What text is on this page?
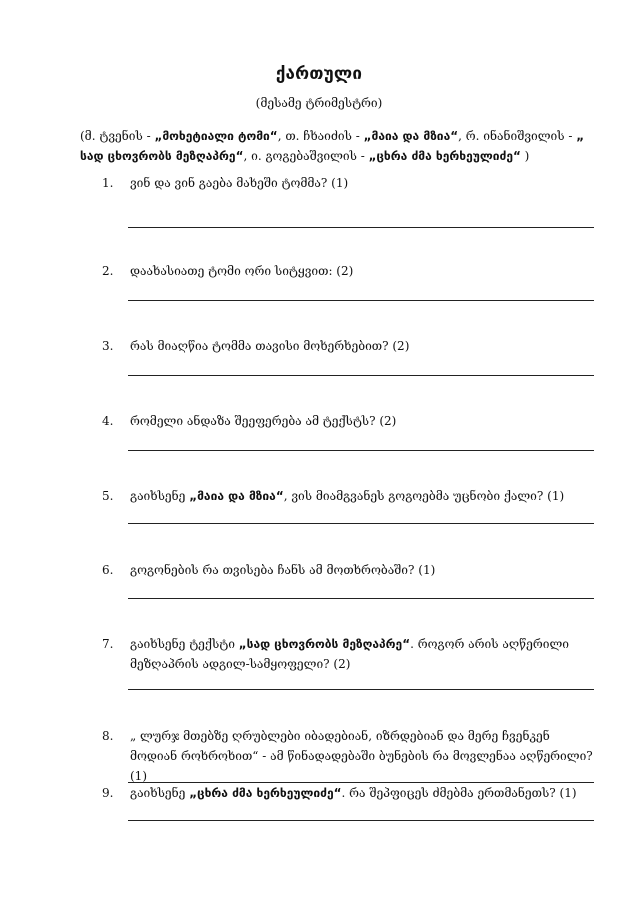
ქართული
(მესამე ტრიმესტრი)
(მ. ტვენის - „მოხეტიალი ტომი“, თ. ჩხაიძის - „მაია და მზია“, რ. ინანიშვილის - „ სად ცხოვრობს მეზღაპრე“, ი. გოგებაშვილის - „ცხრა ძმა ხერხეულიძე“ )
1. ვინ და ვინ გაება მახეში ტომმა? (1)
2. დაახასიათე ტომი ორი სიტყვით: (2)
3. რას მიაღწია ტომმა თავისი მოხერხებით? (2)
4. რომელი ანდაზა შეეფერება ამ ტექსტს? (2)
5. გაიხსენე „მაია და მზია“, ვის მიამგვანეს გოგოებმა უცნობი ქალი? (1)
6. გოგონების რა თვისება ჩანს ამ მოთხრობაში? (1)
7. გაიხსენე ტექსტი „სად ცხოვრობს მეზღაპრე“. როგორ არის აღწერილი მეზღაპრის ადგილ-სამყოფელი? (2)
8. „ ლურჯ მთებზე ღრუბლები იბადებიან, იზრდებიან და მერე ჩვენკენ მოდიან როხროხით“ - ამ წინადადებაში ბუნების რა მოვლენაა აღწერილი? (1)
9. გაიხსენე „ცხრა ძმა ხერხეულიძე“. რა შეპფიცეს ძმებმა ერთმანეთს? (1)
